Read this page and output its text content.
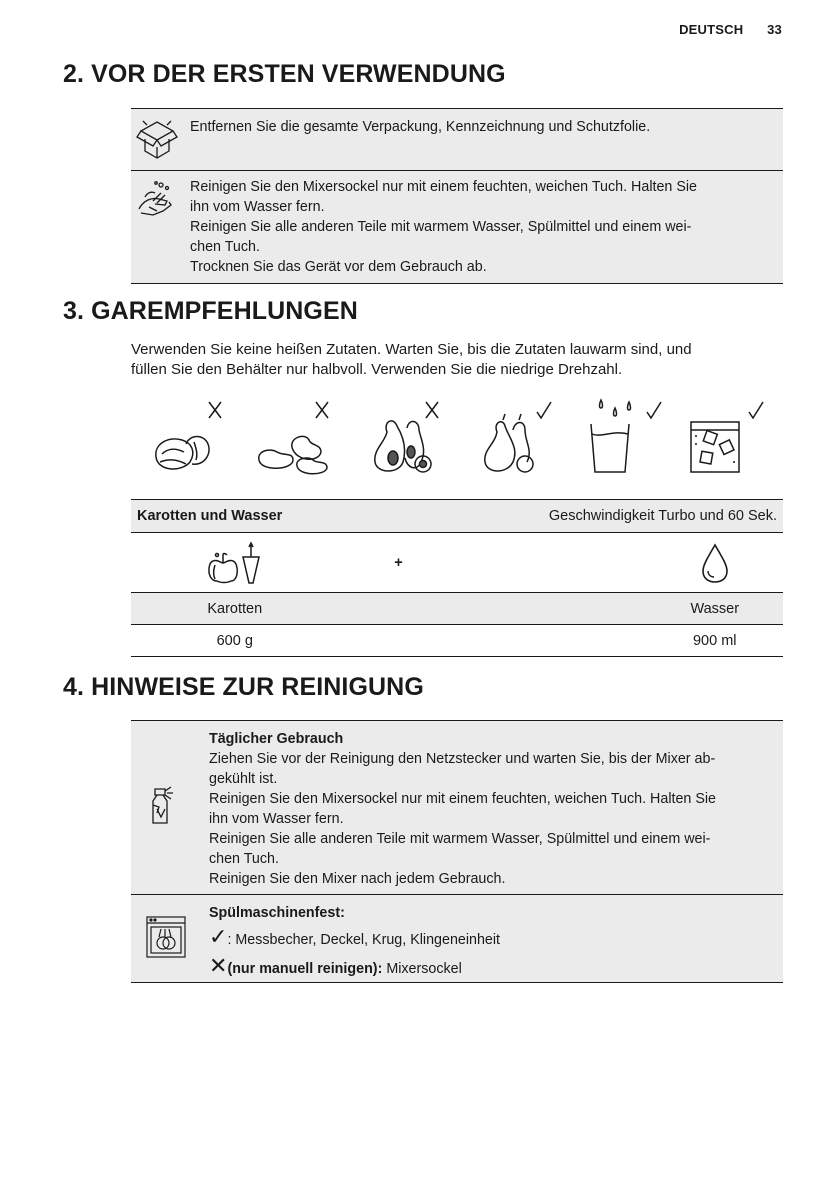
DEUTSCH 33
2. VOR DER ERSTEN VERWENDUNG
Entfernen Sie die gesamte Verpackung, Kennzeichnung und Schutzfolie.
Reinigen Sie den Mixersockel nur mit einem feuchten, weichen Tuch. Halten Sie
ihn vom Wasser fern.
Reinigen Sie alle anderen Teile mit warmem Wasser, Spülmittel und einem wei-
chen Tuch.
Trocknen Sie das Gerät vor dem Gebrauch ab.
3. GAREMPFEHLUNGEN
Verwenden Sie keine heißen Zutaten. Warten Sie, bis die Zutaten lauwarm sind, und
füllen Sie den Behälter nur halbvoll. Verwenden Sie die niedrige Drehzahl.
Karotten und Wasser		Geschwindigkeit Turbo und 60 Sek.

	+	

Karotten		Wasser
600 g		900 ml
4. HINWEISE ZUR REINIGUNG
Täglicher Gebrauch
Ziehen Sie vor der Reinigung den Netzstecker und warten Sie, bis der Mixer ab-
gekühlt ist.
Reinigen Sie den Mixersockel nur mit einem feuchten, weichen Tuch. Halten Sie
ihn vom Wasser fern.
Reinigen Sie alle anderen Teile mit warmem Wasser, Spülmittel und einem wei-
chen Tuch.
Reinigen Sie den Mixer nach jedem Gebrauch.
Spülmaschinenfest:
✓: Messbecher, Deckel, Krug, Klingeneinheit
✕(nur manuell reinigen): Mixersockel
